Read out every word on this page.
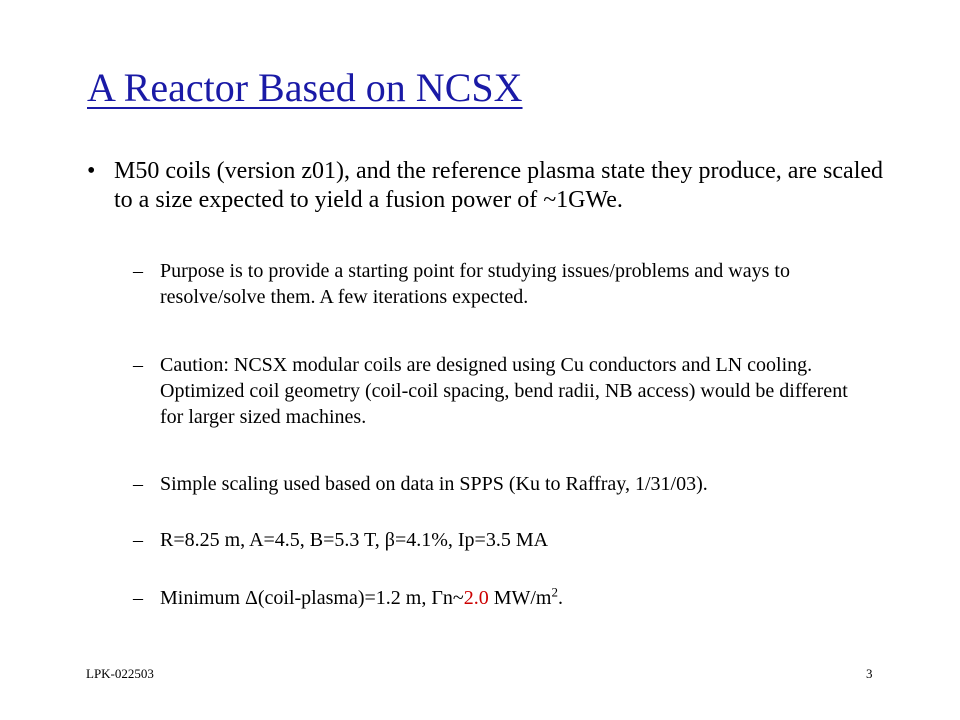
A Reactor Based on NCSX
• M50 coils (version z01), and the reference plasma state they produce, are scaled to a size expected to yield a fusion power of ~1GWe.
– Purpose is to provide a starting point for studying issues/problems and ways to resolve/solve them. A few iterations expected.
– Caution: NCSX modular coils are designed using Cu conductors and LN cooling. Optimized coil geometry (coil-coil spacing, bend radii, NB access) would be different for larger sized machines.
– Simple scaling used based on data in SPPS (Ku to Raffray, 1/31/03).
– R=8.25 m, A=4.5, B=5.3 T, β=4.1%, Ip=3.5 MA
– Minimum Δ(coil-plasma)=1.2 m, Γn~2.0 $MW/m^2$.
LPK-022503	3
